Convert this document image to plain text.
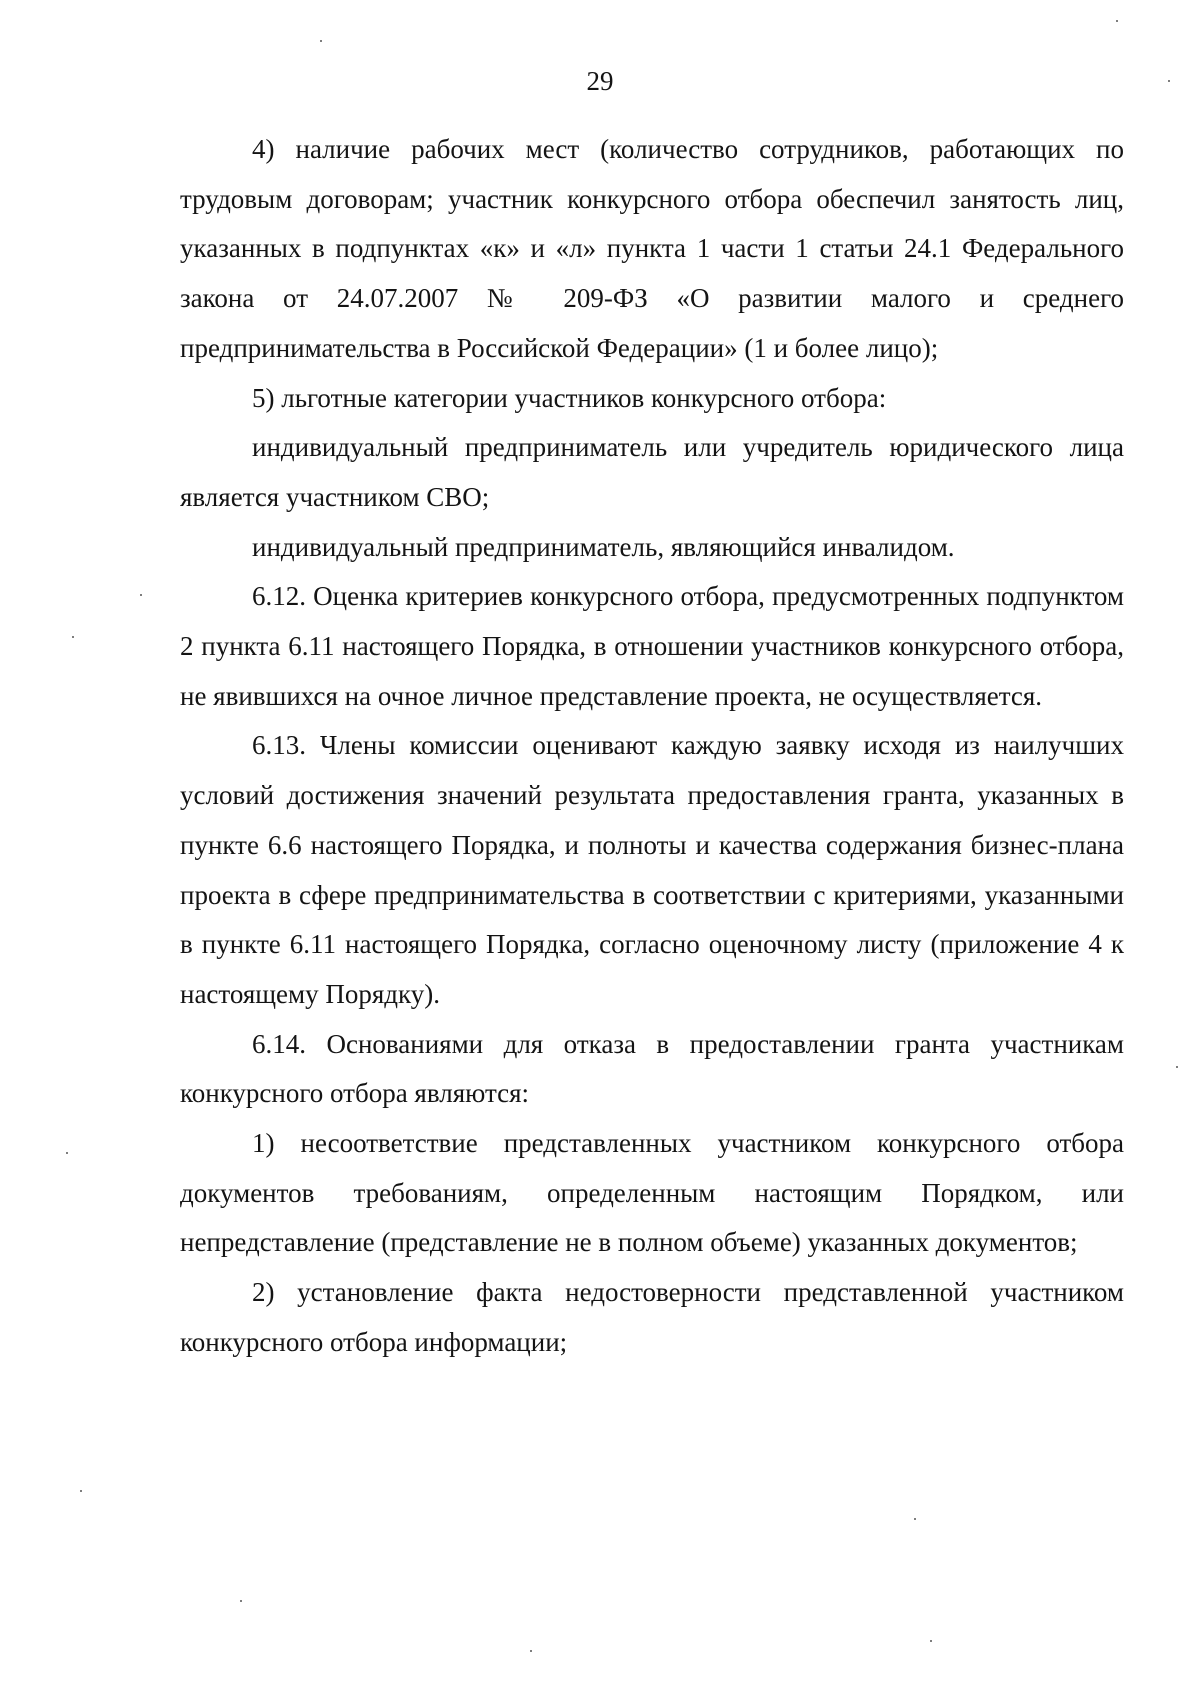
29

4) наличие рабочих мест (количество сотрудников, работающих по трудовым договорам; участник конкурсного отбора обеспечил занятость лиц, указанных в подпунктах «к» и «л» пункта 1 части 1 статьи 24.1 Федерального закона от 24.07.2007 № 209-ФЗ «О развитии малого и среднего предпринимательства в Российской Федерации» (1 и более лицо);

5) льготные категории участников конкурсного отбора:

индивидуальный предприниматель или учредитель юридического лица является участником СВО;

индивидуальный предприниматель, являющийся инвалидом.

6.12. Оценка критериев конкурсного отбора, предусмотренных подпунктом 2 пункта 6.11 настоящего Порядка, в отношении участников конкурсного отбора, не явившихся на очное личное представление проекта, не осуществляется.

6.13. Члены комиссии оценивают каждую заявку исходя из наилучших условий достижения значений результата предоставления гранта, указанных в пункте 6.6 настоящего Порядка, и полноты и качества содержания бизнес-плана проекта в сфере предпринимательства в соответствии с критериями, указанными в пункте 6.11 настоящего Порядка, согласно оценочному листу (приложение 4 к настоящему Порядку).

6.14. Основаниями для отказа в предоставлении гранта участникам конкурсного отбора являются:

1) несоответствие представленных участником конкурсного отбора документов требованиям, определенным настоящим Порядком, или непредставление (представление не в полном объеме) указанных документов;

2) установление факта недостоверности представленной участником конкурсного отбора информации;
